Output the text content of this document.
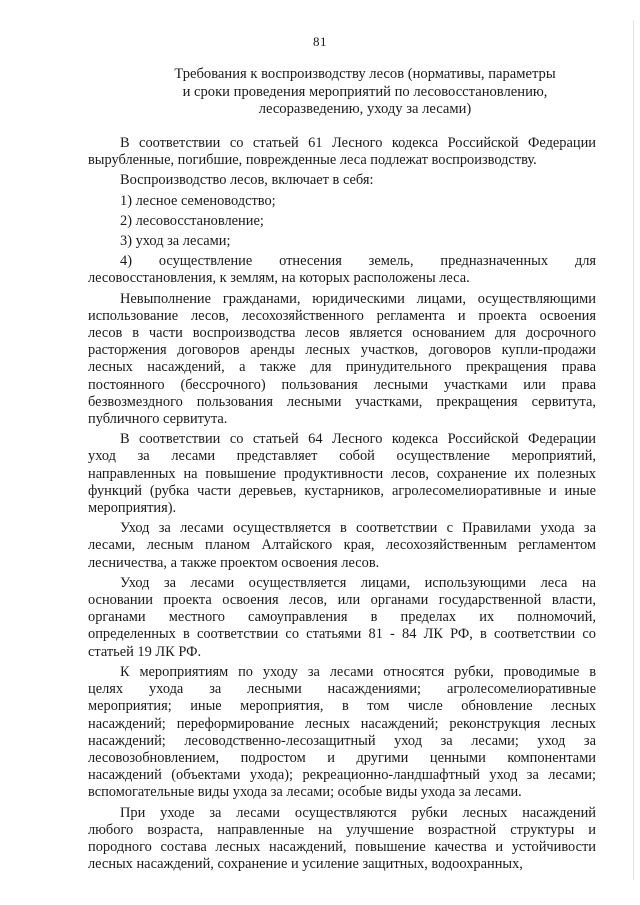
81
Требования к воспроизводству лесов (нормативы, параметры
и сроки проведения мероприятий по лесовосстановлению,
лесоразведению, уходу за лесами)
В соответствии со статьей 61 Лесного кодекса Российской Федерации
вырубленные, погибшие, поврежденные леса подлежат воспроизводству.
Воспроизводство лесов, включает в себя:
1) лесное семеноводство;
2) лесовосстановление;
3) уход за лесами;
4) осуществление отнесения земель, предназначенных для
лесовосстановления, к землям, на которых расположены леса.
Невыполнение гражданами, юридическими лицами, осуществляющими
использование лесов, лесохозяйственного регламента и проекта освоения
лесов в части воспроизводства лесов является основанием для досрочного
расторжения договоров аренды лесных участков, договоров купли-продажи
лесных насаждений, а также для принудительного прекращения права
постоянного (бессрочного) пользования лесными участками или права
безвозмездного пользования лесными участками, прекращения сервитута,
публичного сервитута.
В соответствии со статьей 64 Лесного кодекса Российской Федерации
уход за лесами представляет собой осуществление мероприятий,
направленных на повышение продуктивности лесов, сохранение их полезных
функций (рубка части деревьев, кустарников, агролесомелиоративные и иные
мероприятия).
Уход за лесами осуществляется в соответствии с Правилами ухода за
лесами, лесным планом Алтайского края, лесохозяйственным регламентом
лесничества, а также проектом освоения лесов.
Уход за лесами осуществляется лицами, использующими леса на
основании проекта освоения лесов, или органами государственной власти,
органами местного самоуправления в пределах их полномочий,
определенных в соответствии со статьями 81 - 84 ЛК РФ, в соответствии со
статьей 19 ЛК РФ.
К мероприятиям по уходу за лесами относятся рубки, проводимые в
целях ухода за лесными насаждениями; агролесомелиоративные
мероприятия; иные мероприятия, в том числе обновление лесных
насаждений; переформирование лесных насаждений; реконструкция лесных
насаждений; лесоводственно-лесозащитный уход за лесами; уход за
лесовозобновлением, подростом и другими ценными компонентами
насаждений (объектами ухода); рекреационно-ландшафтный уход за лесами;
вспомогательные виды ухода за лесами; особые виды ухода за лесами.
При уходе за лесами осуществляются рубки лесных насаждений
любого возраста, направленные на улучшение возрастной структуры и
породного состава лесных насаждений, повышение качества и устойчивости
лесных насаждений, сохранение и усиление защитных, водоохранных,
